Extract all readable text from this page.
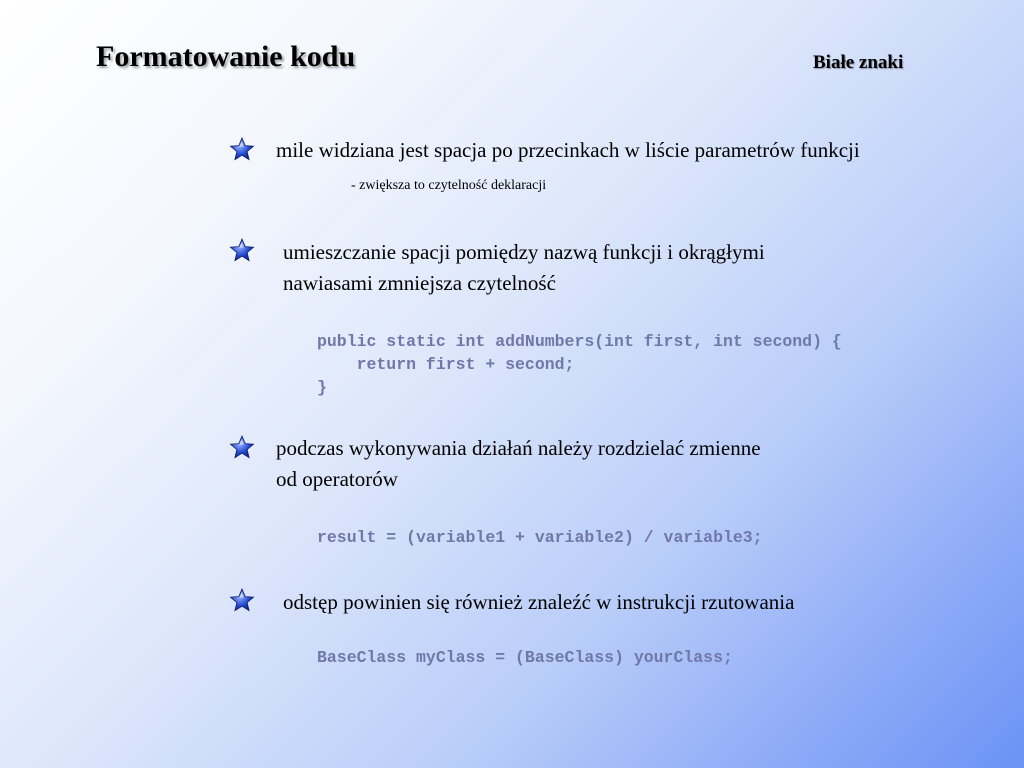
Formatowanie kodu	Białe znaki
mile widziana jest spacja po przecinkach w liście parametrów funkcji
- zwiększa to czytelność deklaracji
umieszczanie spacji pomiędzy nazwą funkcji i okrągłymi
nawiasami zmniejsza czytelność
public static int addNumbers(int first, int second) {
return first + second;
}
podczas wykonywania działań należy rozdzielać zmienne
od operatorów
result = (variable1 + variable2) / variable3;
odstęp powinien się również znaleźć w instrukcji rzutowania
BaseClass myClass = (BaseClass) yourClass;
